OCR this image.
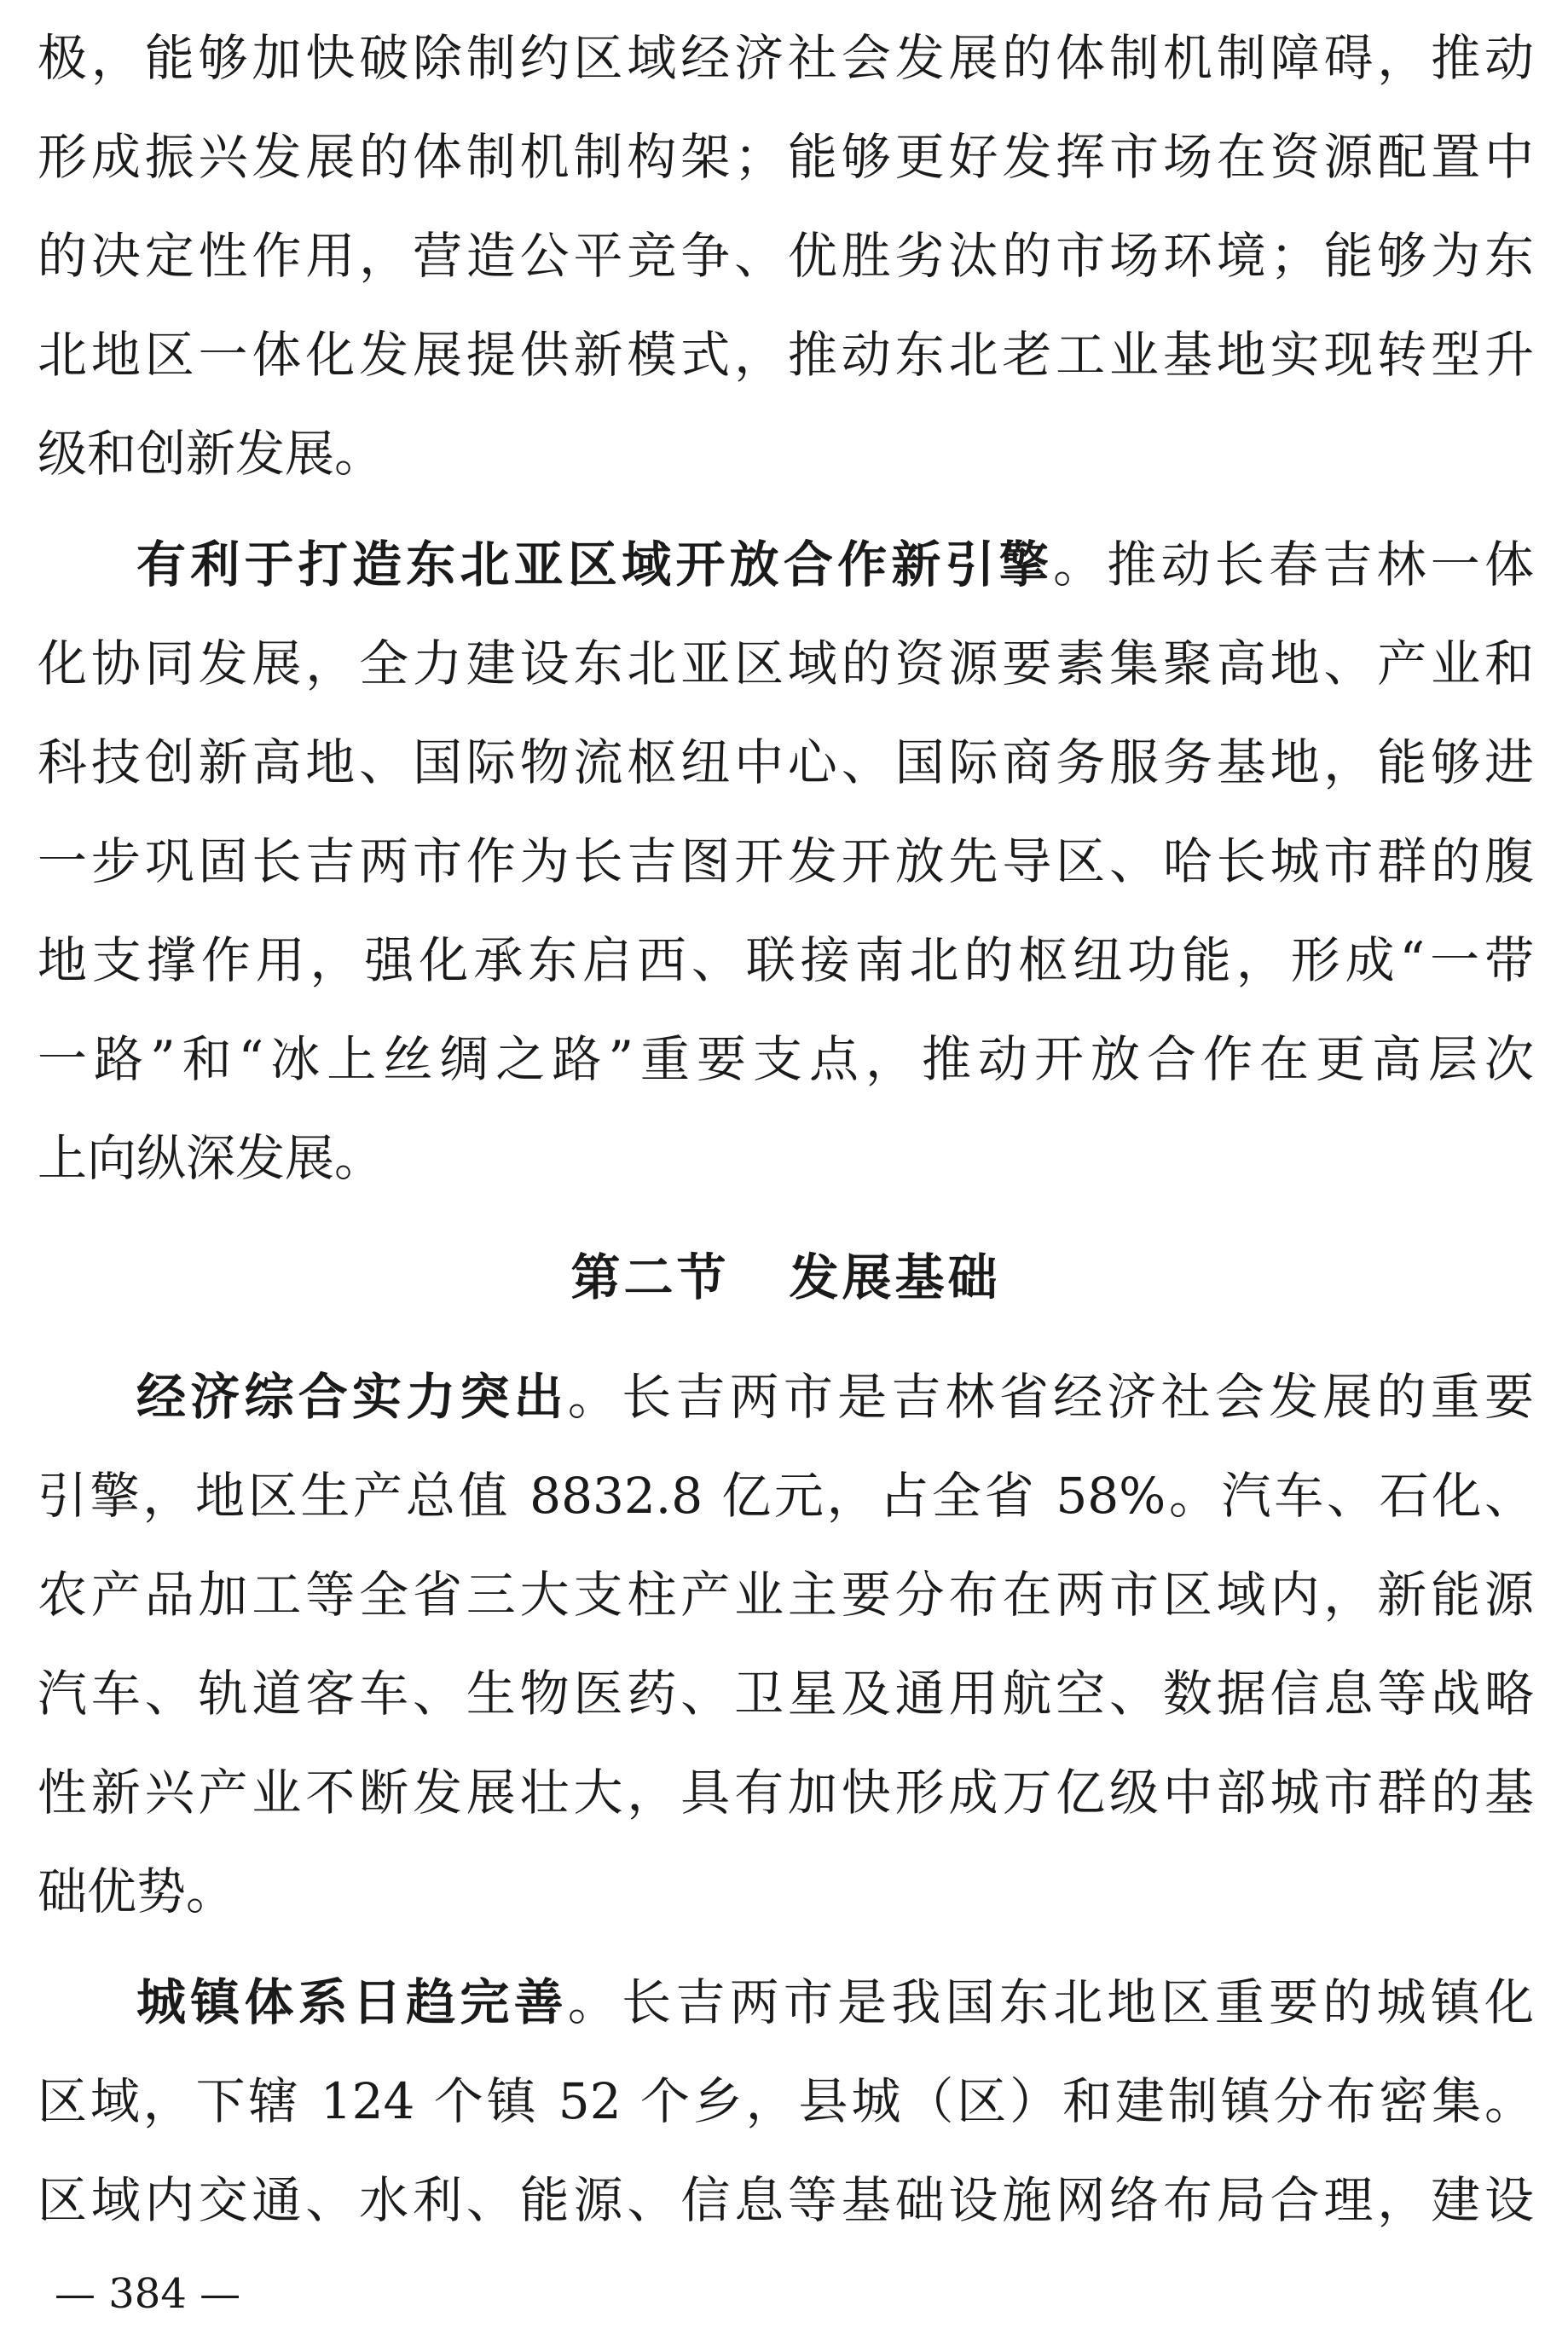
极，能够加快破除制约区域经济社会发展的体制机制障碍，推动
形成振兴发展的体制机制构架；能够更好发挥市场在资源配置中
的决定性作用，营造公平竞争、优胜劣汰的市场环境；能够为东
北地区一体化发展提供新模式，推动东北老工业基地实现转型升
级和创新发展。
有利于打造东北亚区域开放合作新引擎。推动长春吉林一体
化协同发展，全力建设东北亚区域的资源要素集聚高地、产业和
科技创新高地、国际物流枢纽中心、国际商务服务基地，能够进
一步巩固长吉两市作为长吉图开发开放先导区、哈长城市群的腹
地支撑作用，强化承东启西、联接南北的枢纽功能，形成“一带
一路”和“冰上丝绸之路”重要支点，推动开放合作在更高层次
上向纵深发展。
第二节 发展基础
经济综合实力突出。长吉两市是吉林省经济社会发展的重要
引擎，地区生产总值 8832.8 亿元，占全省 58%。汽车、石化、
农产品加工等全省三大支柱产业主要分布在两市区域内，新能源
汽车、轨道客车、生物医药、卫星及通用航空、数据信息等战略
性新兴产业不断发展壮大，具有加快形成万亿级中部城市群的基
础优势。
城镇体系日趋完善。长吉两市是我国东北地区重要的城镇化
区域，下辖 124 个镇 52 个乡，县城（区）和建制镇分布密集。
区域内交通、水利、能源、信息等基础设施网络布局合理，建设
— 384 —
